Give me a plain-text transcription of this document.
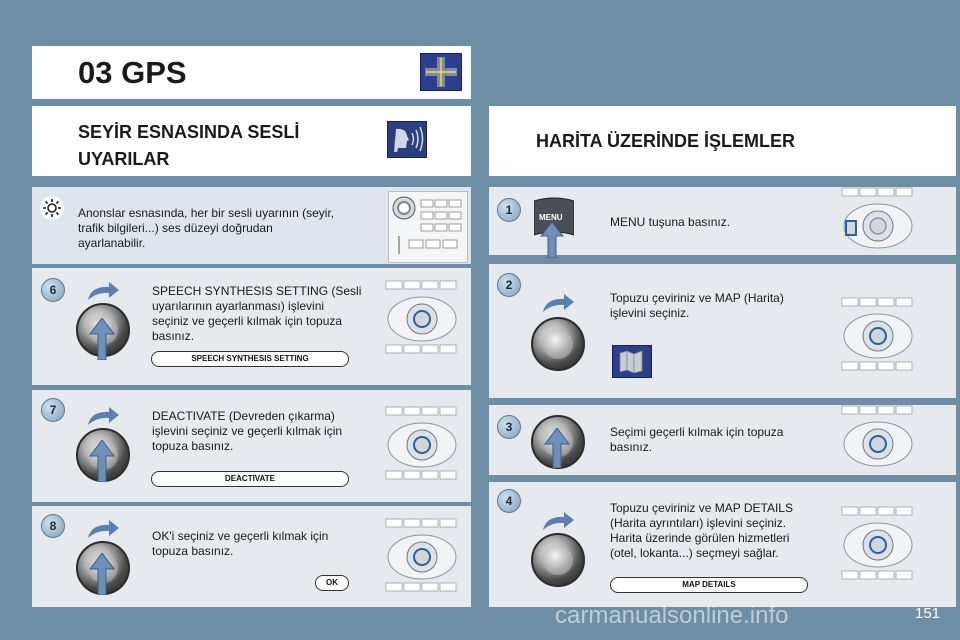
03 GPS
SEYİR ESNASINDA SESLİ UYARILAR
HARİTA ÜZERİNDE İŞLEMLER
Anonslar esnasında, her bir sesli uyarının (seyir, trafik bilgileri...) ses düzeyi doğrudan ayarlanabilir.
6	SPEECH SYNTHESIS SETTING (Sesli uyarılarının ayarlanması) işlevini seçiniz ve geçerli kılmak için topuza basınız.
SPEECH SYNTHESIS SETTING
7	DEACTIVATE (Devreden çıkarma) işlevini seçiniz ve geçerli kılmak için topuza basınız.
DEACTIVATE
8
OK'i seçiniz ve geçerli kılmak için topuza basınız.
OK
1
MENU	MENU tuşuna basınız.
2
Topuzu çeviriniz ve MAP (Harita) işlevini seçiniz.
3	Seçimi geçerli kılmak için topuza basınız.
4	Topuzu çeviriniz ve MAP DETAILS (Harita ayrıntıları) işlevini seçiniz. Harita üzerinde görülen hizmetleri (otel, lokanta...) seçmeyi sağlar.
MAP DETAILS
carmanualsonline.info	151
